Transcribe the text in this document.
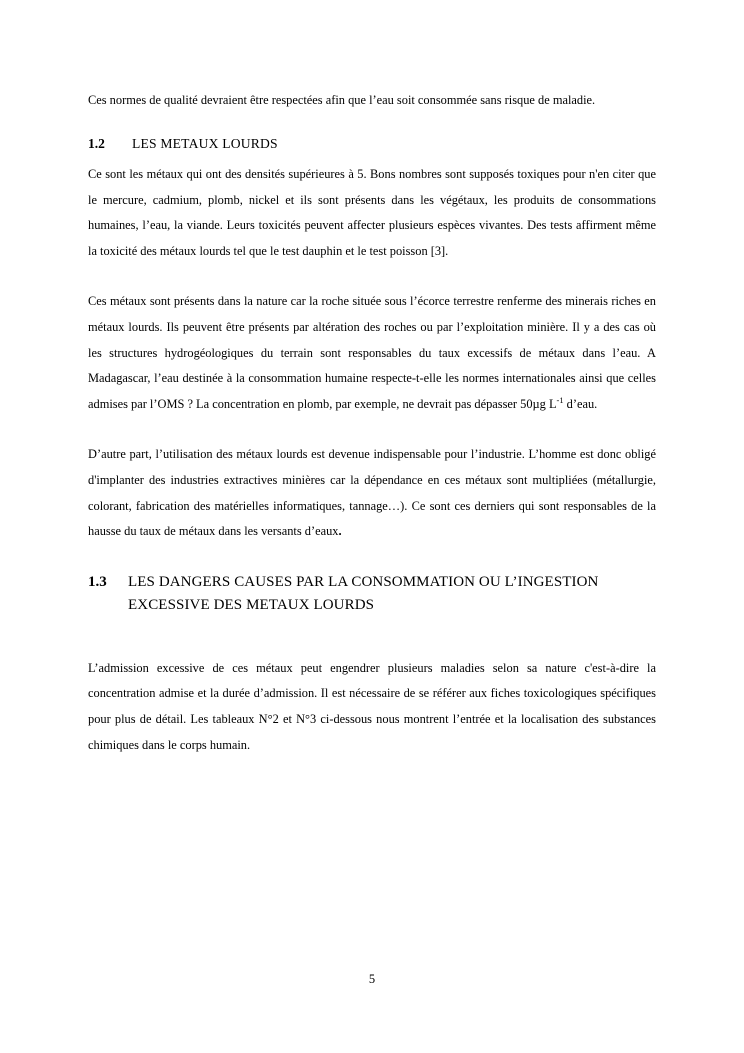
Ces normes de qualité devraient être respectées afin que l’eau soit consommée sans risque de maladie.

1.2	LES METAUX LOURDS

Ce sont les métaux qui ont des densités supérieures à 5. Bons nombres sont supposés toxiques pour n'en citer que le mercure, cadmium, plomb, nickel et ils sont présents dans les végétaux, les produits de consommations humaines, l’eau, la viande. Leurs toxicités peuvent affecter plusieurs espèces vivantes. Des tests affirment même la toxicité des métaux lourds tel que le test dauphin et le test poisson [3].

Ces métaux sont présents dans la nature car la roche située sous l’écorce terrestre renferme des minerais riches en métaux lourds. Ils peuvent être présents par altération des roches ou par l’exploitation minière. Il y a des cas où les structures hydrogéologiques du terrain sont responsables du taux excessifs de métaux dans l’eau. A Madagascar, l’eau destinée à la consommation humaine respecte-t-elle les normes internationales ainsi que celles admises par l’OMS ? La concentration en plomb, par exemple, ne devrait pas dépasser 50µg $L^{-1}$ d’eau.

D’autre part, l’utilisation des métaux lourds est devenue indispensable pour l’industrie. L’homme est donc obligé d'implanter des industries extractives minières car la dépendance en ces métaux sont multipliées (métallurgie, colorant, fabrication des matérielles informatiques, tannage…). Ce sont ces derniers qui sont responsables de la hausse du taux de métaux dans les versants d’eaux.

1.3	LES DANGERS CAUSES PAR LA CONSOMMATION OU L’INGESTION EXCESSIVE DES METAUX LOURDS

L’admission excessive de ces métaux peut engendrer plusieurs maladies selon sa nature c'est-à-dire la concentration admise et la durée d’admission. Il est nécessaire de se référer aux fiches toxicologiques spécifiques pour plus de détail. Les tableaux N°2 et N°3 ci-dessous nous montrent l’entrée et la localisation des substances chimiques dans le corps humain.

5
